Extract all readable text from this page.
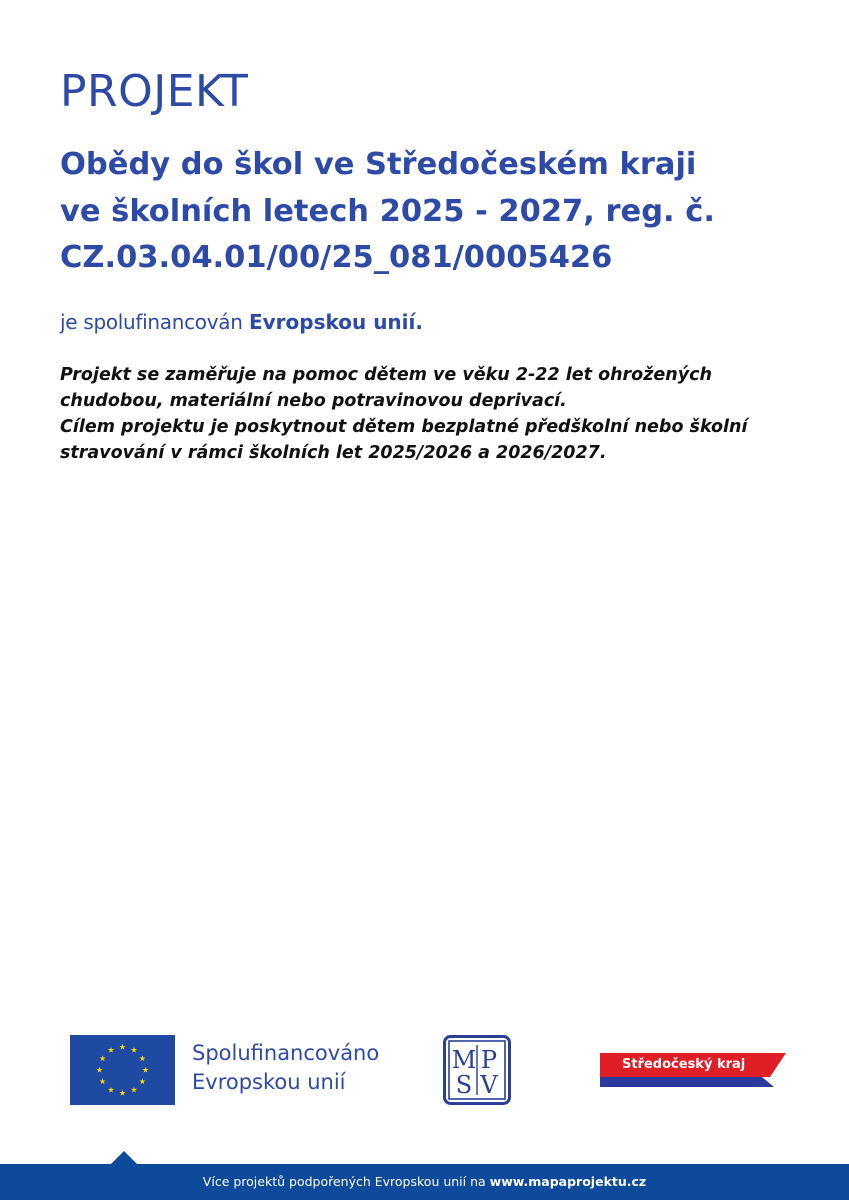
PROJEKT
Obědy do škol ve Středočeském kraji
ve školních letech 2025 - 2027, reg. č.
CZ.03.04.01/00/25_081/0005426

je spolufinancován Evropskou unií.

Projekt se zaměřuje na pomoc dětem ve věku 2-22 let ohrožených
chudobou, materiální nebo potravinovou deprivací.
Cílem projektu je poskytnout dětem bezplatné předškolní nebo školní
stravování v rámci školních let 2025/2026 a 2026/2027.

Spolufinancováno
Evropskou unií
M P
S V
Středočeský kraj
Více projektů podpořených Evropskou unií na www.mapaprojektu.cz
